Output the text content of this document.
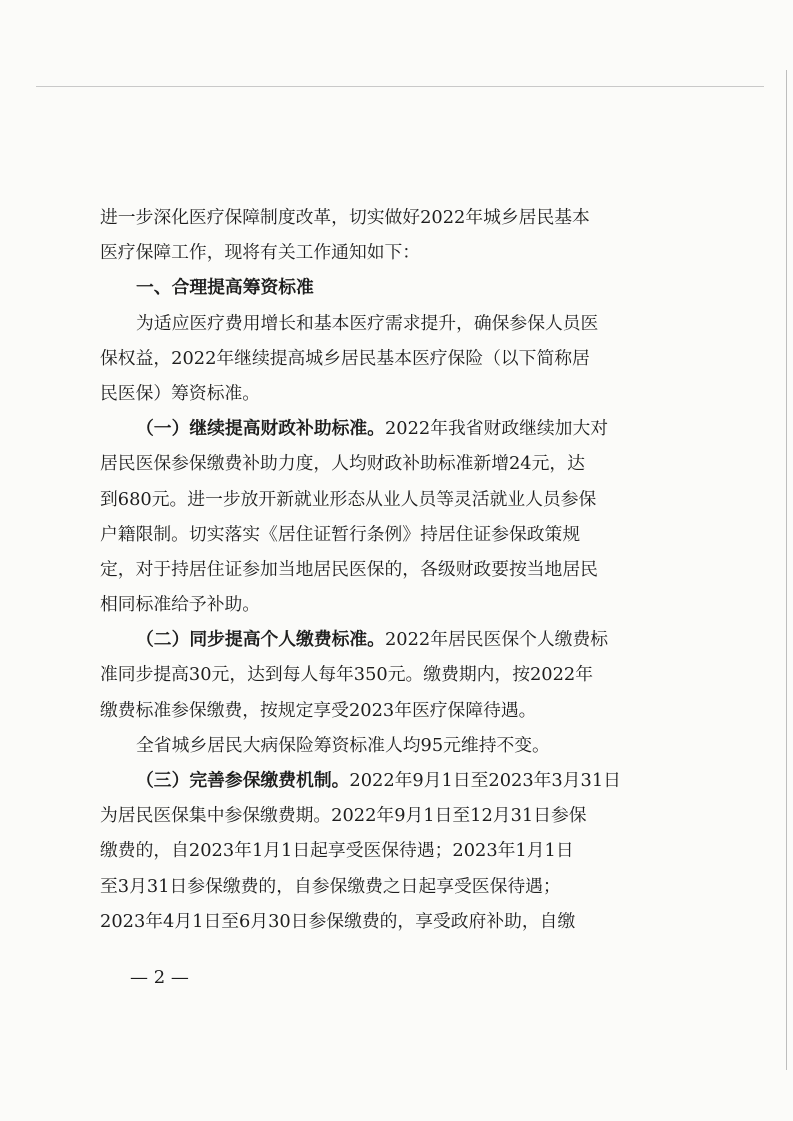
进一步深化医疗保障制度改革，切实做好2022年城乡居民基本
医疗保障工作，现将有关工作通知如下：
一、合理提高筹资标准
为适应医疗费用增长和基本医疗需求提升，确保参保人员医
保权益，2022年继续提高城乡居民基本医疗保险（以下简称居
民医保）筹资标准。
（一）继续提高财政补助标准。2022年我省财政继续加大对
居民医保参保缴费补助力度，人均财政补助标准新增24元，达
到680元。进一步放开新就业形态从业人员等灵活就业人员参保
户籍限制。切实落实《居住证暂行条例》持居住证参保政策规
定，对于持居住证参加当地居民医保的，各级财政要按当地居民
相同标准给予补助。
（二）同步提高个人缴费标准。2022年居民医保个人缴费标
准同步提高30元，达到每人每年350元。缴费期内，按2022年
缴费标准参保缴费，按规定享受2023年医疗保障待遇。
全省城乡居民大病保险筹资标准人均95元维持不变。
（三）完善参保缴费机制。2022年9月1日至2023年3月31日
为居民医保集中参保缴费期。2022年9月1日至12月31日参保
缴费的，自2023年1月1日起享受医保待遇；2023年1月1日
至3月31日参保缴费的，自参保缴费之日起享受医保待遇；
2023年4月1日至6月30日参保缴费的，享受政府补助，自缴
— 2 —
